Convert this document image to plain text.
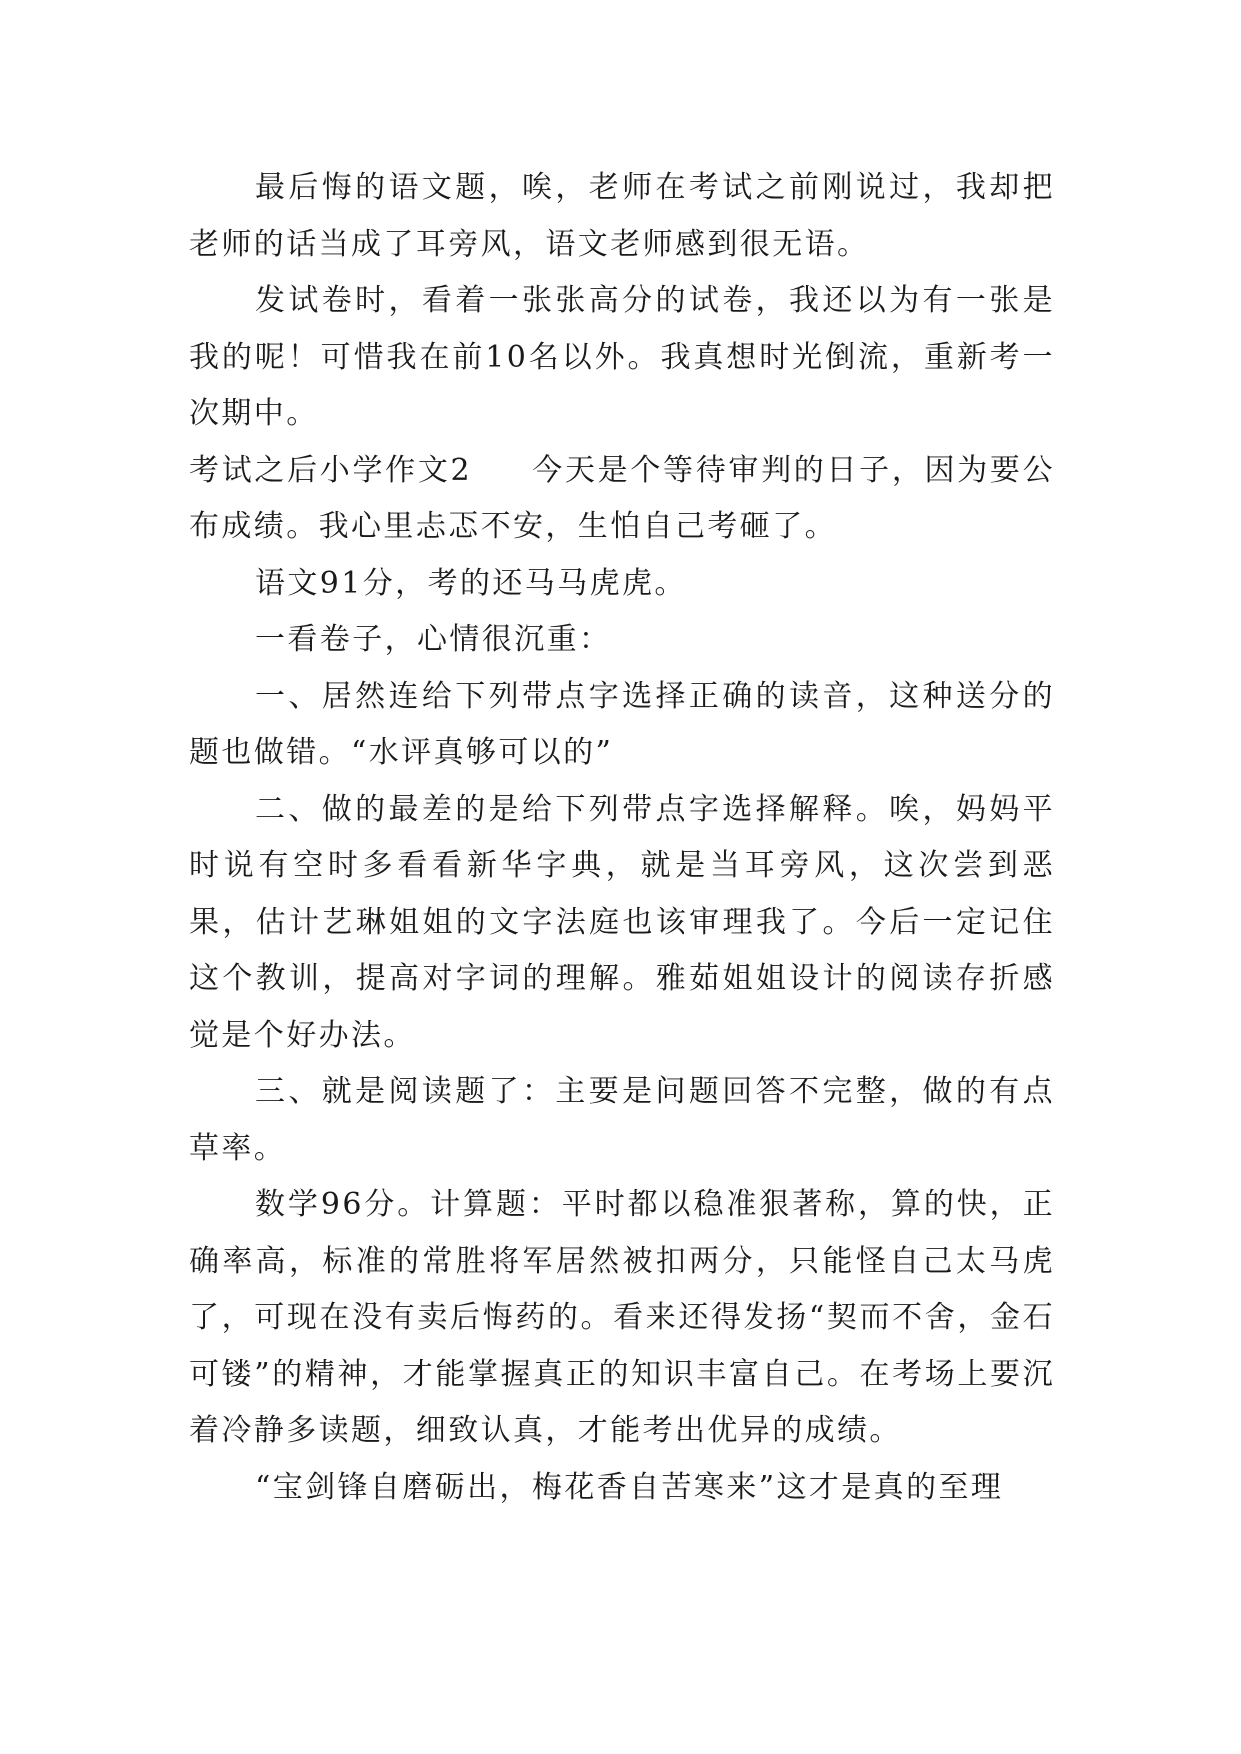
最后悔的语文题，唉，老师在考试之前刚说过，我却把老师的话当成了耳旁风，语文老师感到很无语。

发试卷时，看着一张张高分的试卷，我还以为有一张是我的呢！可惜我在前10名以外。我真想时光倒流，重新考一次期中。

考试之后小学作文2 今天是个等待审判的日子，因为要公布成绩。我心里忐忑不安，生怕自己考砸了。

语文91分，考的还马马虎虎。

一看卷子，心情很沉重：

一、居然连给下列带点字选择正确的读音，这种送分的题也做错。“水评真够可以的”

二、做的最差的是给下列带点字选择解释。唉，妈妈平时说有空时多看看新华字典，就是当耳旁风，这次尝到恶果，估计艺琳姐姐的文字法庭也该审理我了。今后一定记住这个教训，提高对字词的理解。雅茹姐姐设计的阅读存折感觉是个好办法。

三、就是阅读题了：主要是问题回答不完整，做的有点草率。

数学96分。计算题：平时都以稳准狠著称，算的快，正确率高，标准的常胜将军居然被扣两分，只能怪自己太马虎了，可现在没有卖后悔药的。看来还得发扬“契而不舍，金石可镂”的精神，才能掌握真正的知识丰富自己。在考场上要沉着冷静多读题，细致认真，才能考出优异的成绩。

“宝剑锋自磨砺出，梅花香自苦寒来”这才是真的至理
